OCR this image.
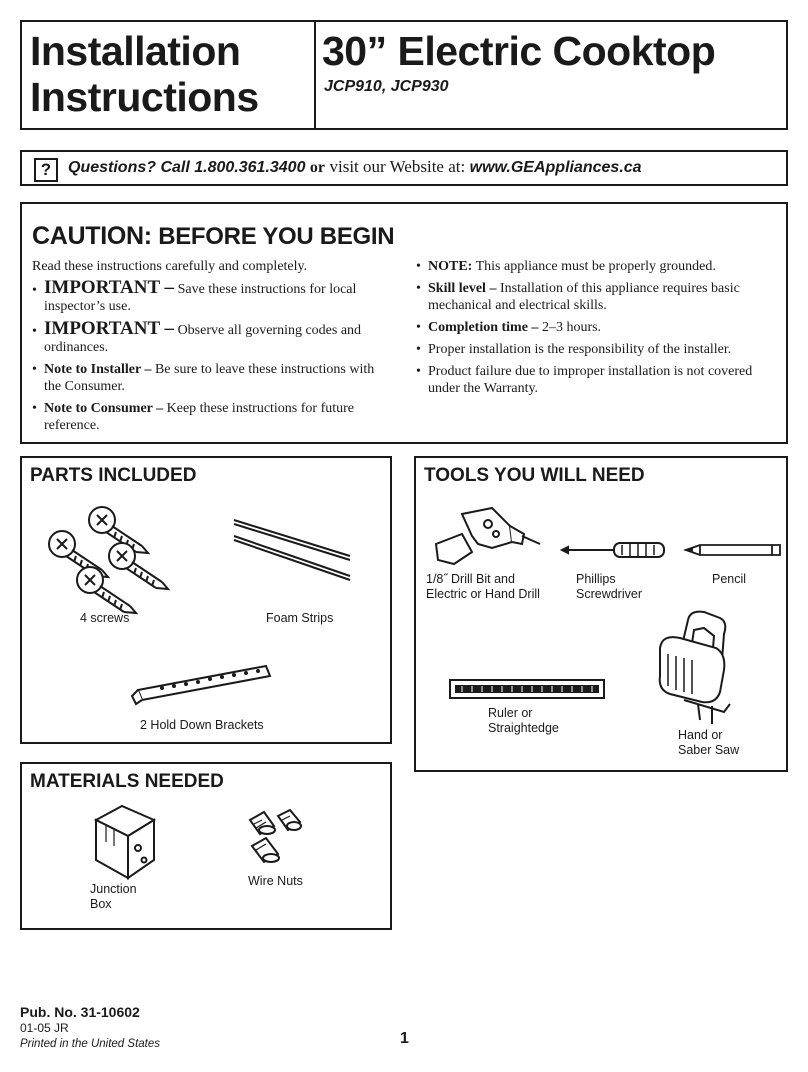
Installation
Instructions
30” Electric Cooktop
JCP910, JCP930
?	Questions? Call 1.800.361.3400 or visit our Website at: www.GEAppliances.ca
CAUTION: BEFORE YOU BEGIN

Read these instructions carefully and completely.

• IMPORTANT – Save these instructions for local inspector’s use.
• IMPORTANT – Observe all governing codes and ordinances.
• Note to Installer – Be sure to leave these instructions with the Consumer.
• Note to Consumer – Keep these instructions for future reference.
• NOTE: This appliance must be properly grounded.
• Skill level – Installation of this appliance requires basic mechanical and electrical skills.
• Completion time – 2–3 hours.
• Proper installation is the responsibility of the installer.
• Product failure due to improper installation is not covered under the Warranty.
PARTS INCLUDED
4 screws	Foam Strips
2 Hold Down Brackets
TOOLS YOU WILL NEED
1/8˝ Drill Bit and
Electric or Hand Drill
Phillips
Screwdriver
Pencil
Ruler or
Straightedge	Hand or
Saber Saw
MATERIALS NEEDED
Junction
Box
Wire Nuts
Pub. No. 31-10602
01-05 JR
Printed in the United States	1
